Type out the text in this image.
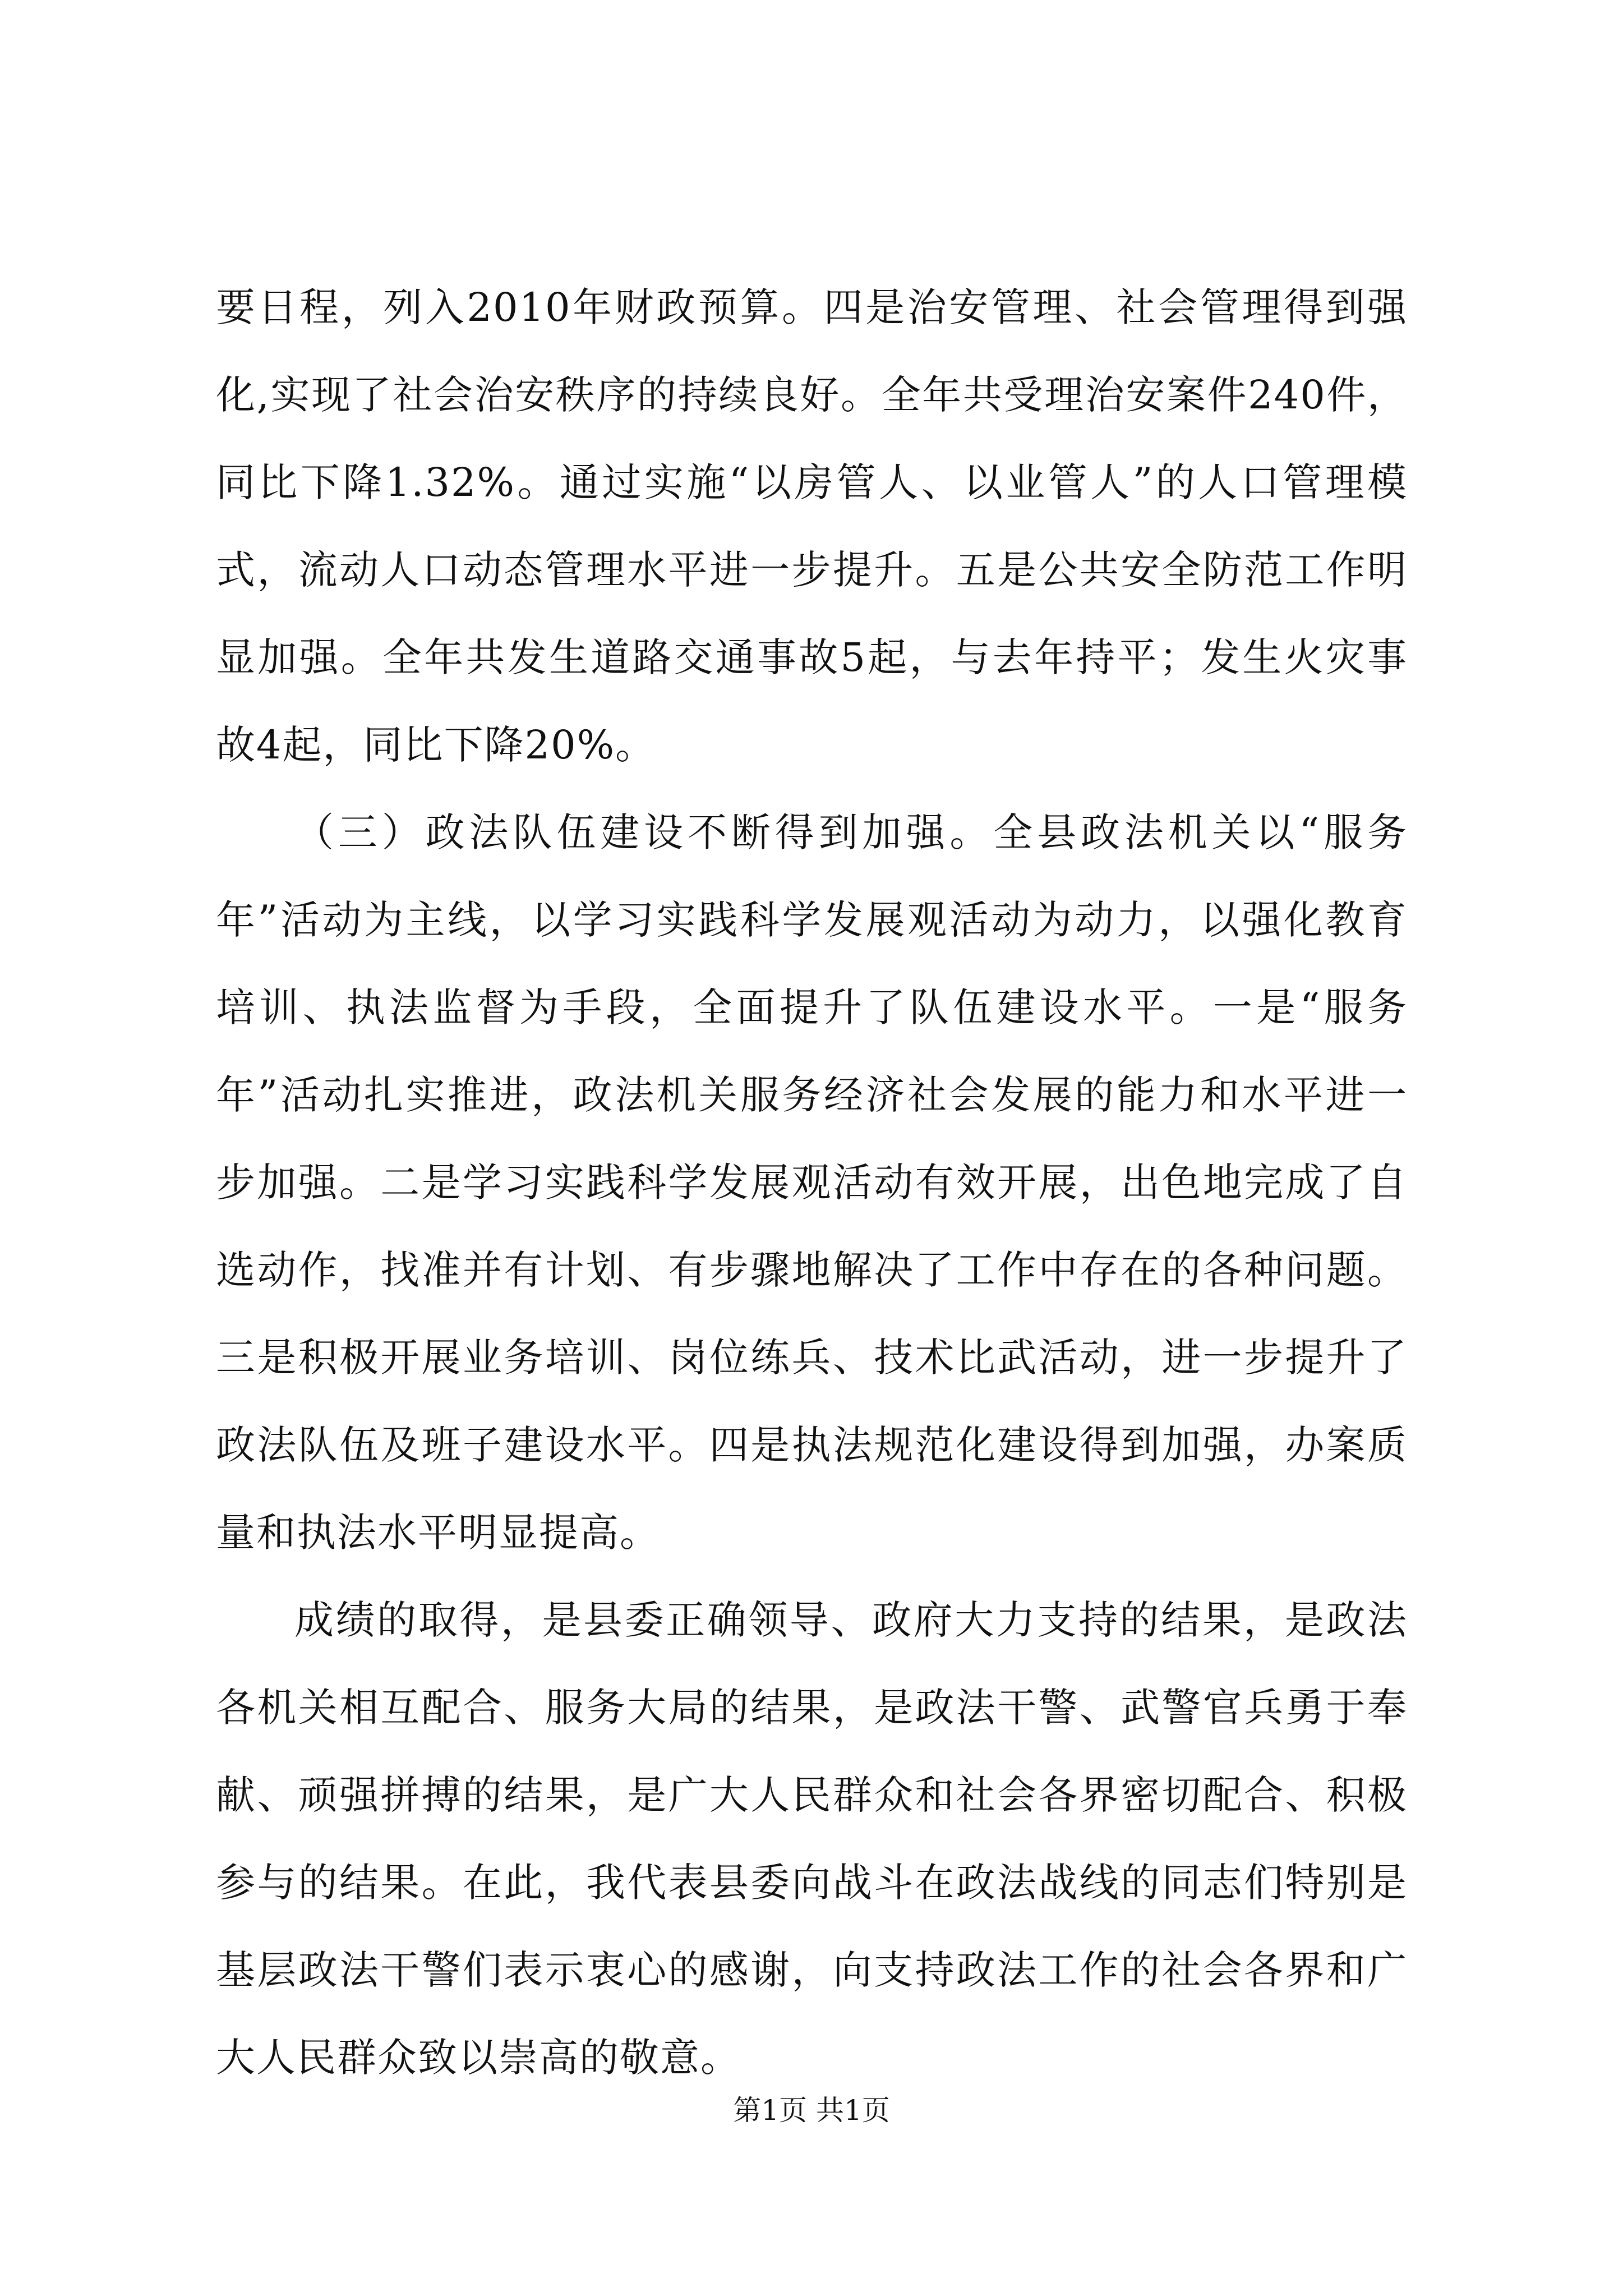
要日程，列入2010年财政预算。四是治安管理、社会管理得到强化,实现了社会治安秩序的持续良好。全年共受理治安案件240件，同比下降1.32%。通过实施“以房管人、以业管人”的人口管理模式，流动人口动态管理水平进一步提升。五是公共安全防范工作明显加强。全年共发生道路交通事故5起，与去年持平；发生火灾事故4起，同比下降20%。

（三）政法队伍建设不断得到加强。全县政法机关以“服务年”活动为主线，以学习实践科学发展观活动为动力，以强化教育培训、执法监督为手段，全面提升了队伍建设水平。一是“服务年”活动扎实推进，政法机关服务经济社会发展的能力和水平进一步加强。二是学习实践科学发展观活动有效开展，出色地完成了自选动作，找准并有计划、有步骤地解决了工作中存在的各种问题。三是积极开展业务培训、岗位练兵、技术比武活动，进一步提升了政法队伍及班子建设水平。四是执法规范化建设得到加强，办案质量和执法水平明显提高。

成绩的取得，是县委正确领导、政府大力支持的结果，是政法各机关相互配合、服务大局的结果，是政法干警、武警官兵勇于奉献、顽强拼搏的结果，是广大人民群众和社会各界密切配合、积极参与的结果。在此，我代表县委向战斗在政法战线的同志们特别是基层政法干警们表示衷心的感谢，向支持政法工作的社会各界和广大人民群众致以崇高的敬意。

第1页 共1页
